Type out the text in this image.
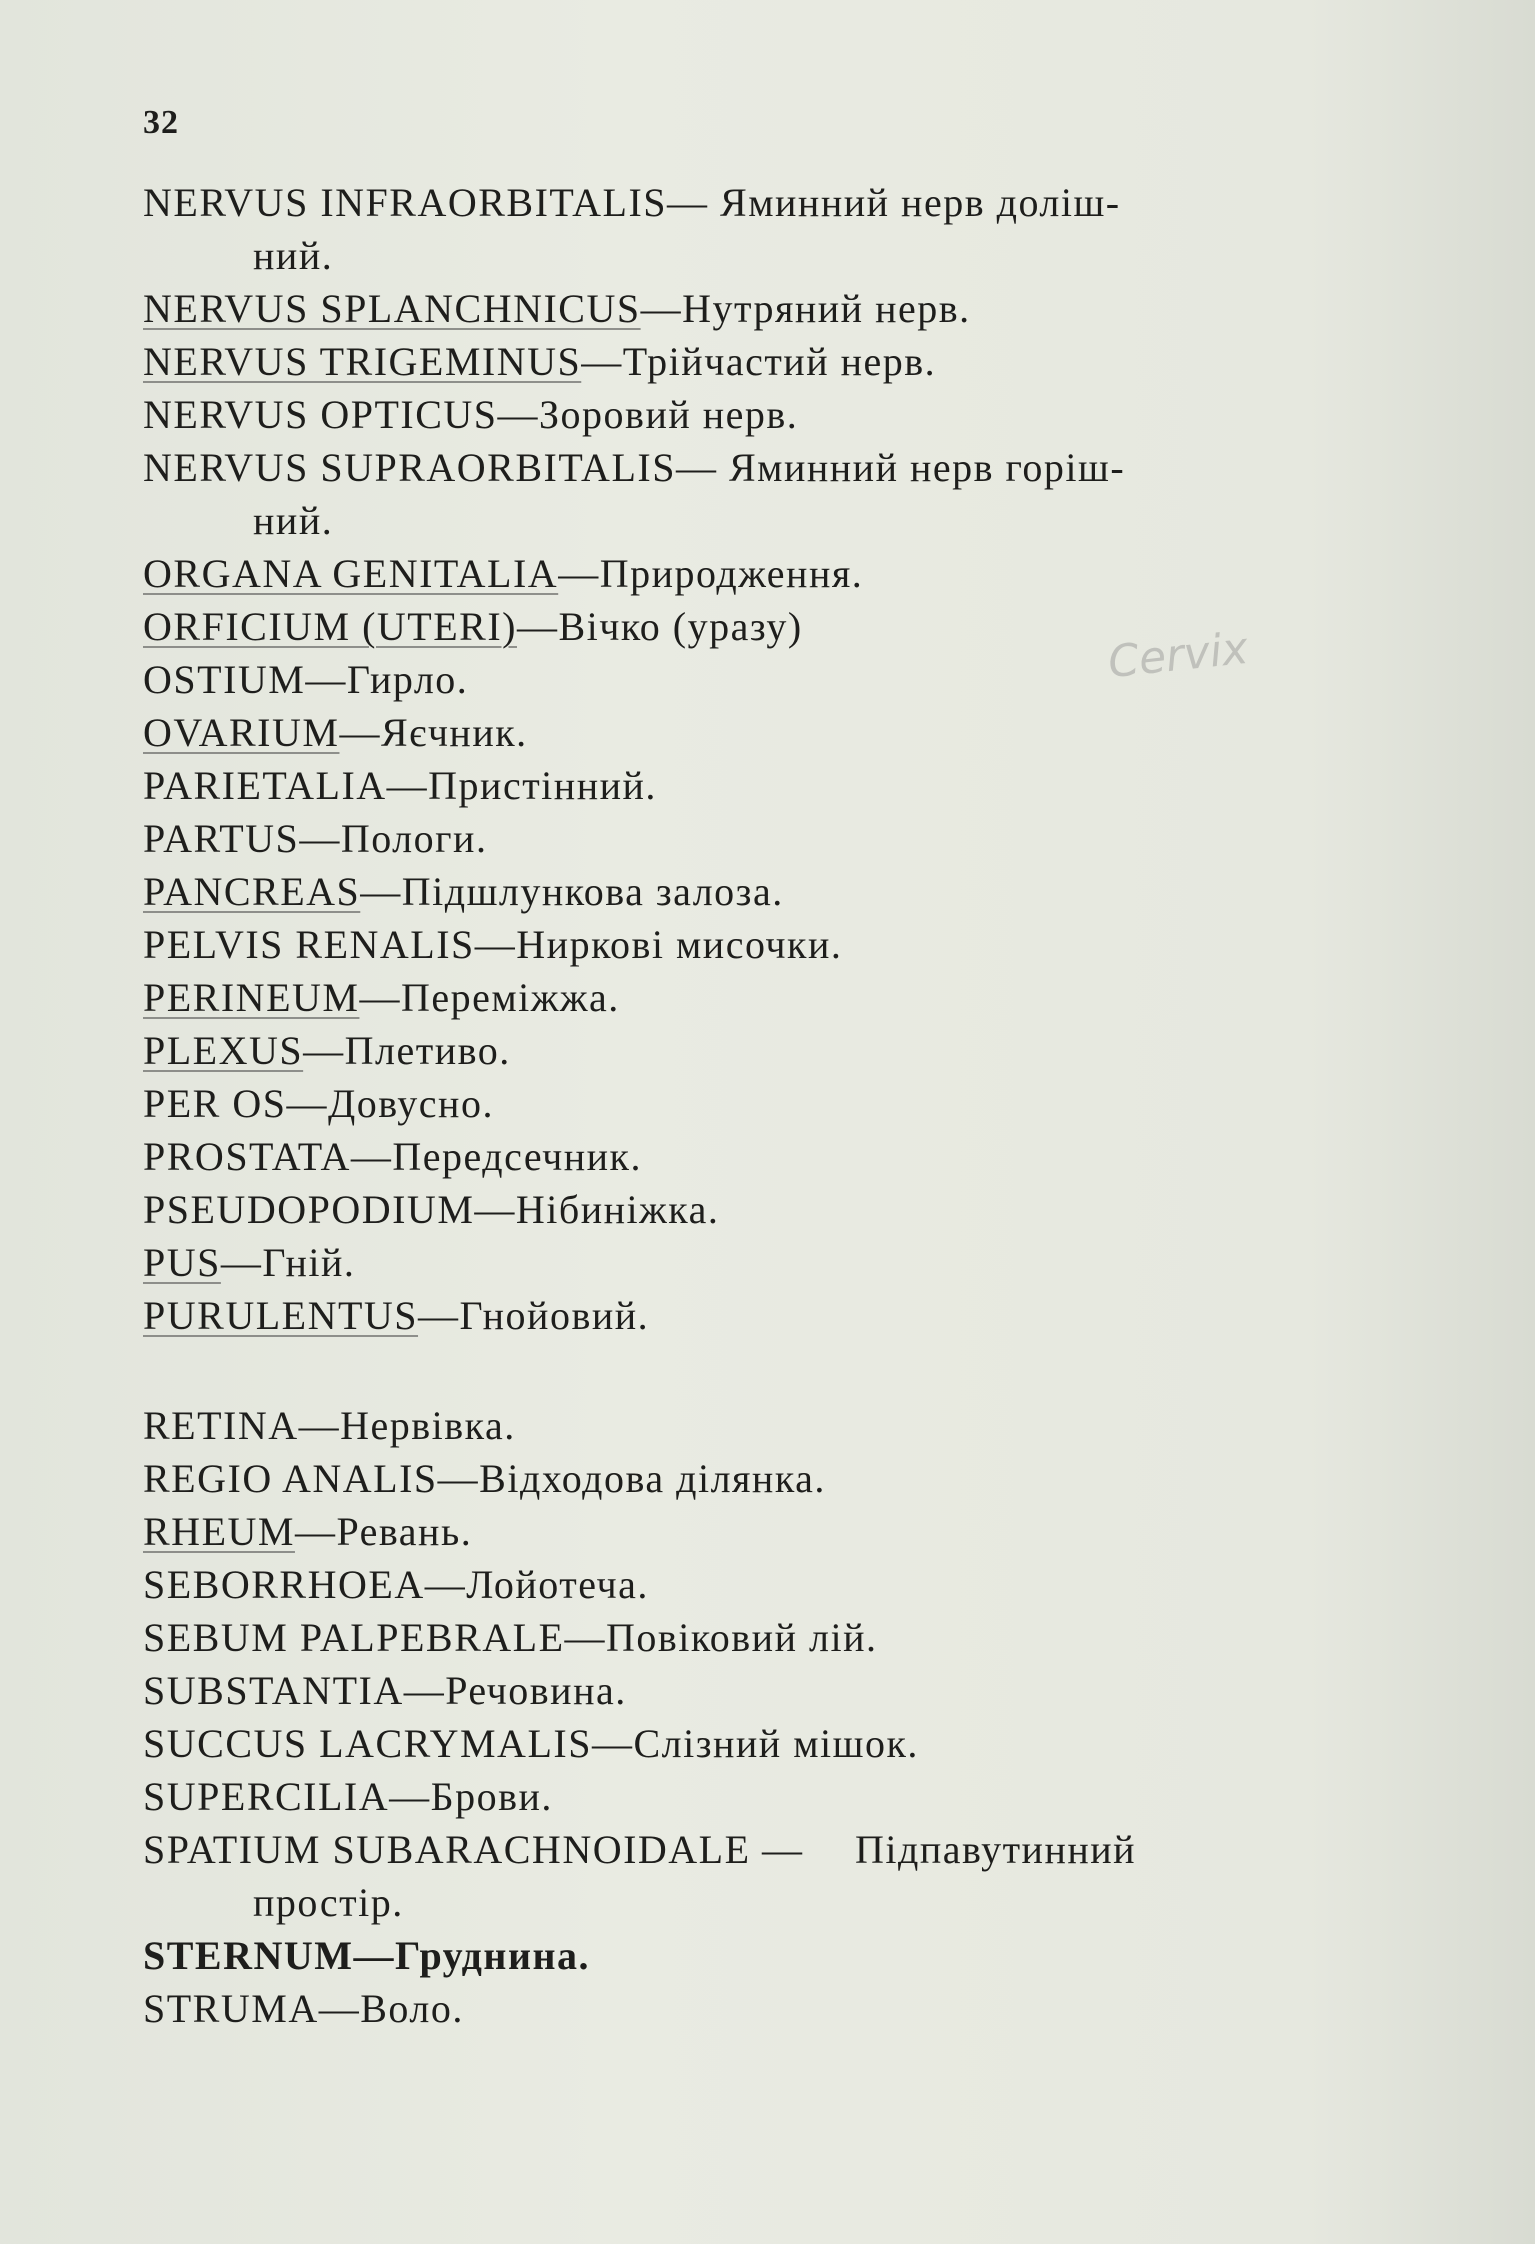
32
Cervix
NERVUS INFRAORBITALIS— Яминний нерв доліш-
ний.
NERVUS SPLANCHNICUS—Нутряний нерв.
NERVUS TRIGEMINUS—Трійчастий нерв.
NERVUS OPTICUS—Зоровий нерв.
NERVUS SUPRAORBITALIS— Яминний нерв горіш-
ний.
ORGANA GENITALIA—Природження.
ORFICIUM (UTERI)—Вічко (уразу)
OSTIUM—Гирло.
OVARIUM—Яєчник.
PARIETALIA—Пристінний.
PARTUS—Пологи.
PANCREAS—Підшлункова залоза.
PELVIS RENALIS—Ниркові мисочки.
PERINEUM—Переміжжа.
PLEXUS—Плетиво.
PER OS—Довусно.
PROSTATA—Передсечник.
PSEUDOPODIUM—Нібиніжка.
PUS—Гній.
PURULENTUS—Гнойовий.
RETINA—Нервівка.
REGIO ANALIS—Відходова ділянка.
RHEUM—Ревань.
SEBORRHOEA—Лойотеча.
SEBUM PALPEBRALE—Повіковий лій.
SUBSTANTIA—Речовина.
SUCCUS LACRYMALIS—Слізний мішок.
SUPERCILIA—Брови.
SPATIUM SUBARACHNOIDALE — Підпавутинний
простір.
STERNUM—Груднина.
STRUMA—Воло.
